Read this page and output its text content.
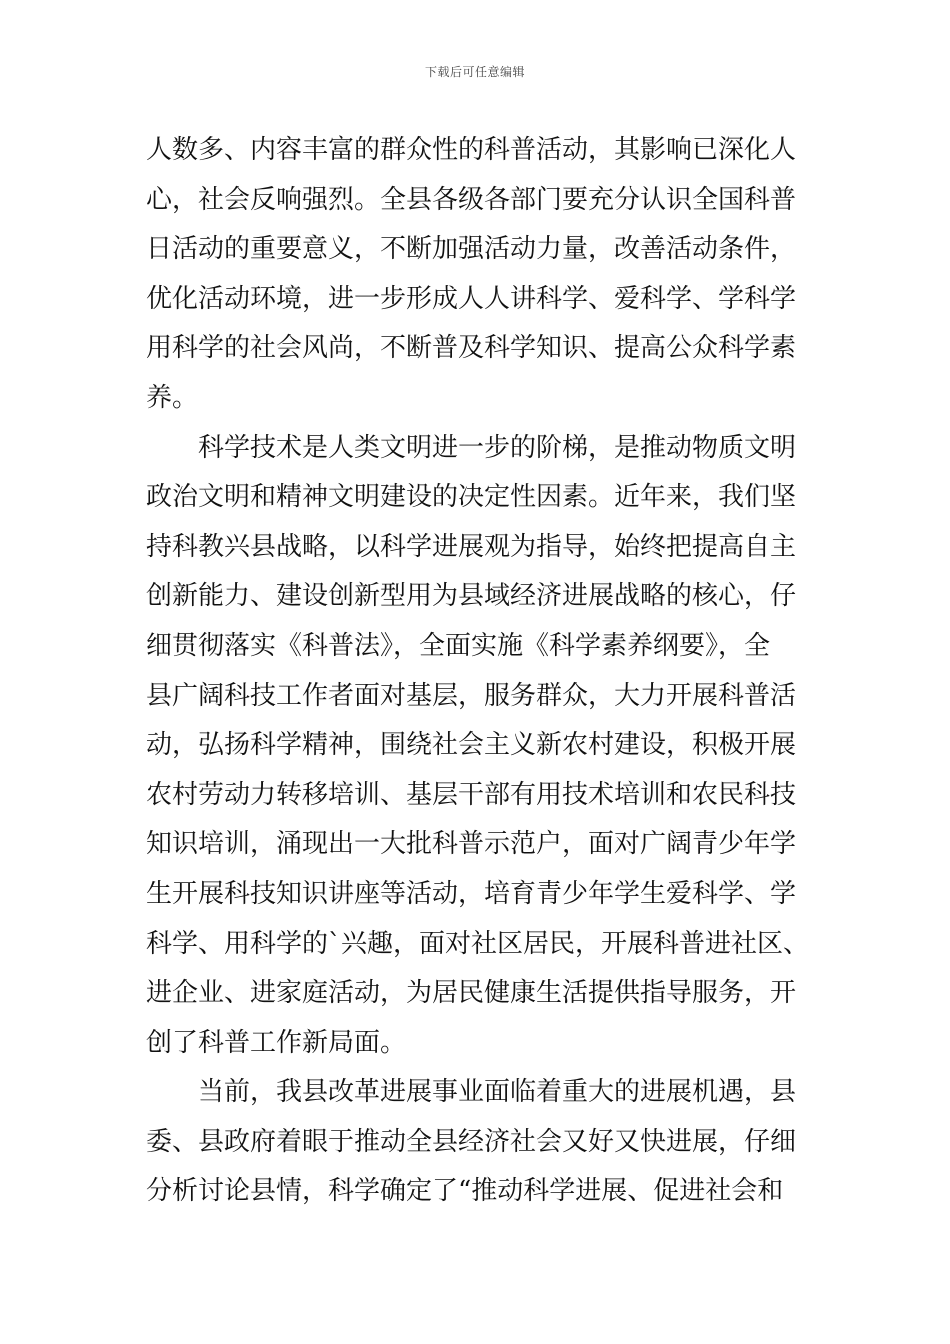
下载后可任意编辑
人数多、内容丰富的群众性的科普活动，其影响已深化人
心，社会反响强烈。全县各级各部门要充分认识全国科普
日活动的重要意义，不断加强活动力量，改善活动条件，
优化活动环境，进一步形成人人讲科学、爱科学、学科学
用科学的社会风尚，不断普及科学知识、提高公众科学素
养。
　　科学技术是人类文明进一步的阶梯，是推动物质文明
政治文明和精神文明建设的决定性因素。近年来，我们坚
持科教兴县战略，以科学进展观为指导，始终把提高自主
创新能力、建设创新型用为县域经济进展战略的核心，仔
细贯彻落实《科普法》，全面实施《科学素养纲要》，全
县广阔科技工作者面对基层，服务群众，大力开展科普活
动，弘扬科学精神，围绕社会主义新农村建设，积极开展
农村劳动力转移培训、基层干部有用技术培训和农民科技
知识培训，涌现出一大批科普示范户，面对广阔青少年学
生开展科技知识讲座等活动，培育青少年学生爱科学、学
科学、用科学的`兴趣，面对社区居民，开展科普进社区、
进企业、进家庭活动，为居民健康生活提供指导服务，开
创了科普工作新局面。
　　当前，我县改革进展事业面临着重大的进展机遇，县
委、县政府着眼于推动全县经济社会又好又快进展，仔细
分析讨论县情，科学确定了“推动科学进展、促进社会和
